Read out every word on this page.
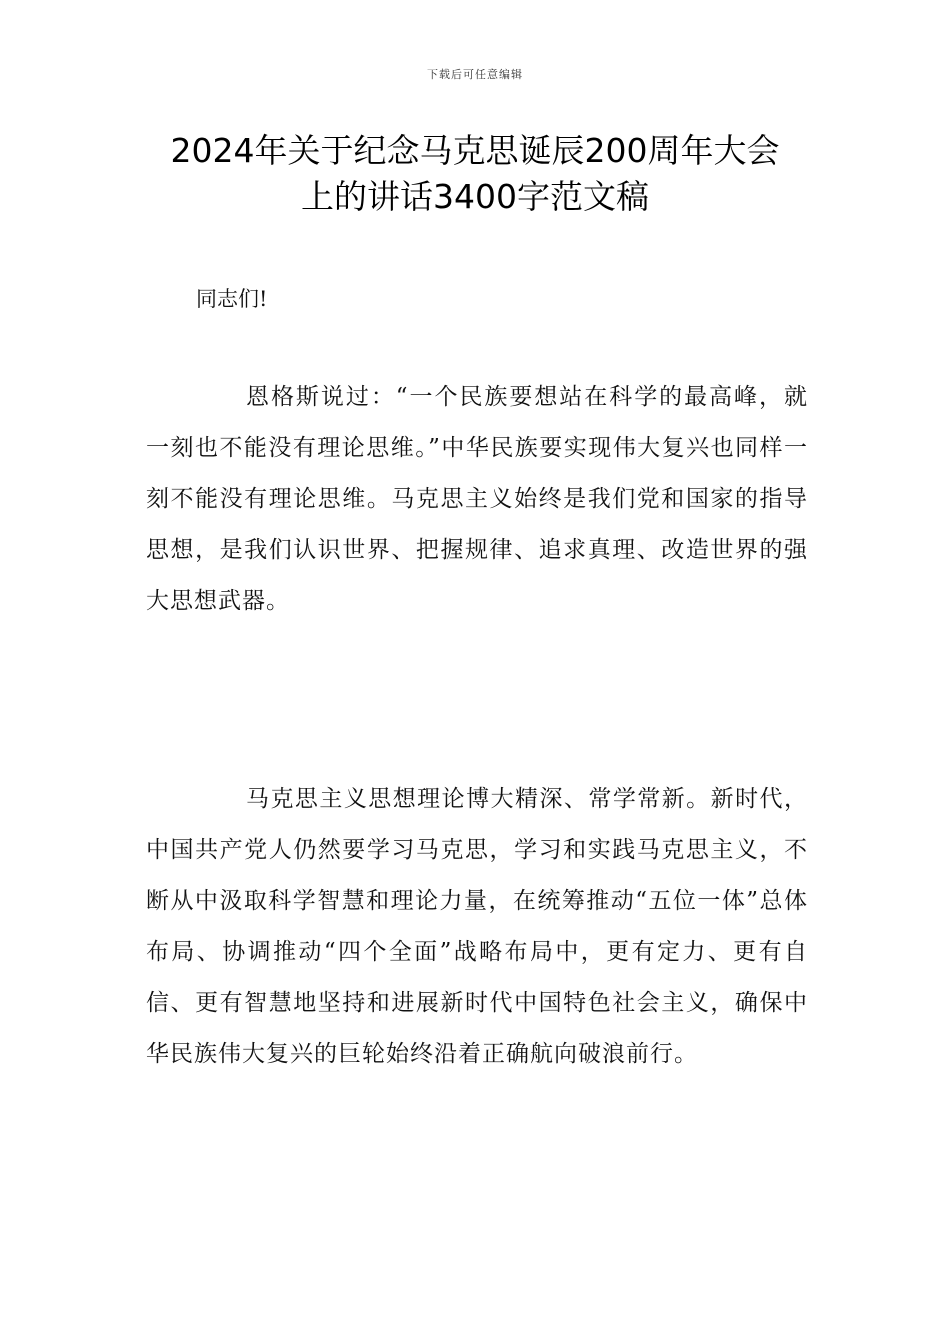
下载后可任意编辑
2024年关于纪念马克思诞辰200周年大会
上的讲话3400字范文稿
同志们!

恩格斯说过：“一个民族要想站在科学的最高峰，就一刻也不能没有理论思维。”中华民族要实现伟大复兴也同样一刻不能没有理论思维。马克思主义始终是我们党和国家的指导思想，是我们认识世界、把握规律、追求真理、改造世界的强大思想武器。

马克思主义思想理论博大精深、常学常新。新时代，中国共产党人仍然要学习马克思，学习和实践马克思主义，不断从中汲取科学智慧和理论力量，在统筹推动“五位一体”总体布局、协调推动“四个全面”战略布局中，更有定力、更有自信、更有智慧地坚持和进展新时代中国特色社会主义，确保中华民族伟大复兴的巨轮始终沿着正确航向破浪前行。
